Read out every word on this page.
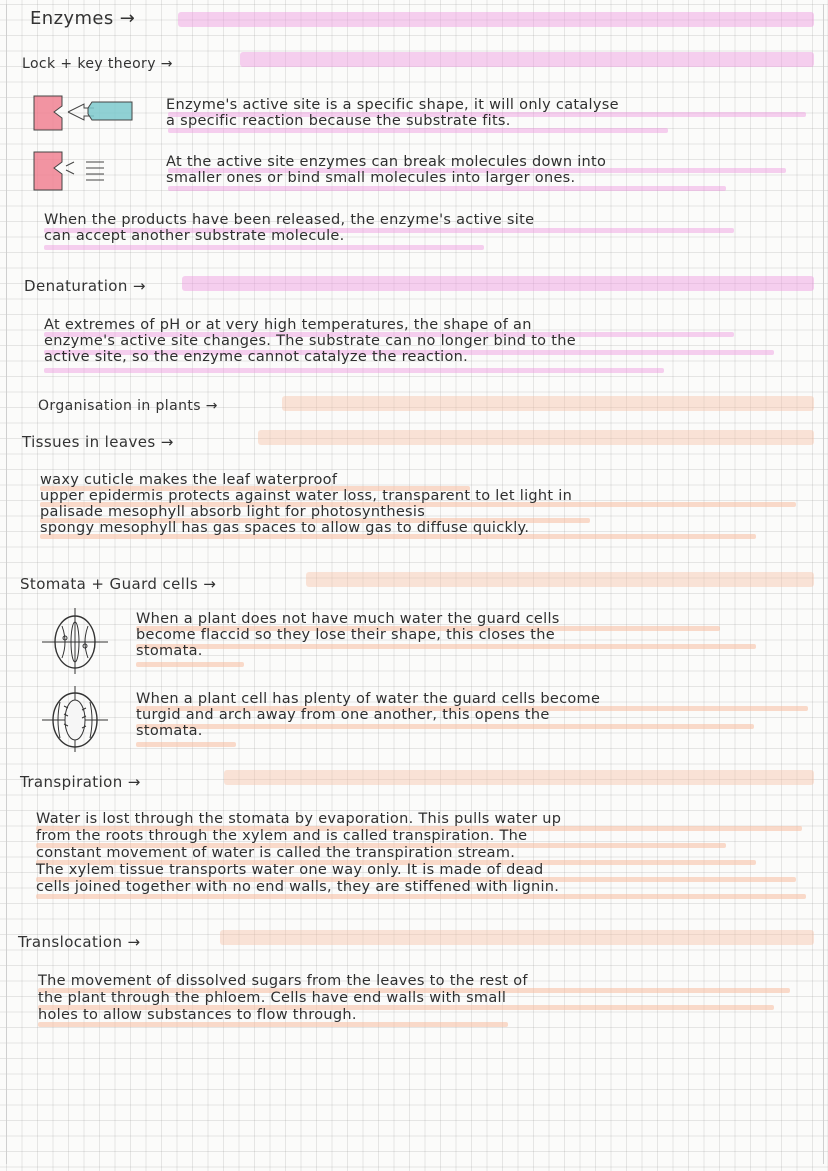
Enzymes →
Lock + key theory →
Enzyme's active site is a specific shape, it will only catalyse
a specific reaction because the substrate fits.
At the active site enzymes can break molecules down into
smaller ones or bind small molecules into larger ones.
When the products have been released, the enzyme's active site
can accept another substrate molecule.
Denaturation →
At extremes of pH or at very high temperatures, the shape of an
enzyme's active site changes. The substrate can no longer bind to the
active site, so the enzyme cannot catalyze the reaction.
Organisation in plants →
Tissues in leaves →
waxy cuticle makes the leaf waterproof
upper epidermis protects against water loss, transparent to let light in
palisade mesophyll absorb light for photosynthesis
spongy mesophyll has gas spaces to allow gas to diffuse quickly.
Stomata + Guard cells →
When a plant does not have much water the guard cells
become flaccid so they lose their shape, this closes the
stomata.
When a plant cell has plenty of water the guard cells become
turgid and arch away from one another, this opens the
stomata.
Transpiration →
Water is lost through the stomata by evaporation. This pulls water up
from the roots through the xylem and is called transpiration. The
constant movement of water is called the transpiration stream.
The xylem tissue transports water one way only. It is made of dead
cells joined together with no end walls, they are stiffened with lignin.
Translocation →
The movement of dissolved sugars from the leaves to the rest of
the plant through the phloem. Cells have end walls with small
holes to allow substances to flow through.
